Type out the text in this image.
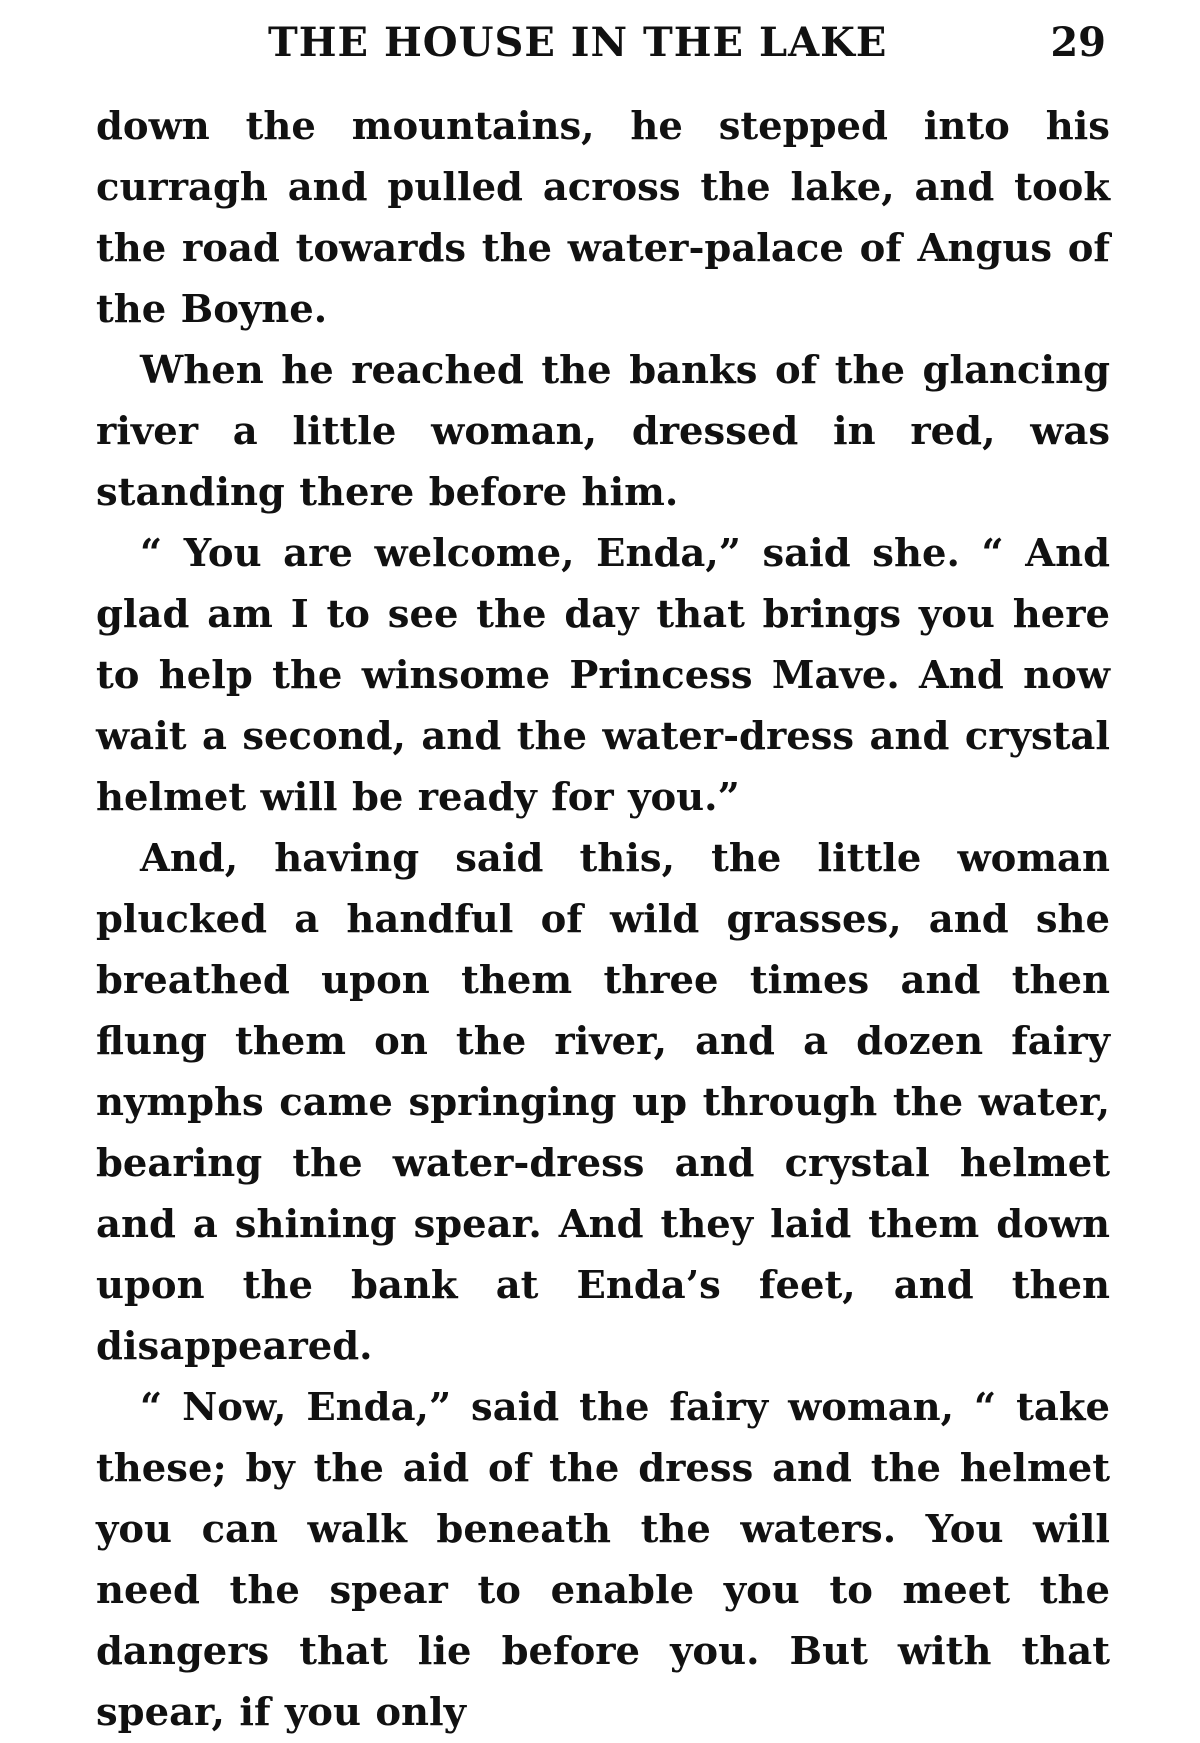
THE HOUSE IN THE LAKE	29

down the mountains, he stepped into his curragh and pulled across the lake, and took the road towards the water-palace of Angus of the Boyne.

When he reached the banks of the glancing river a little woman, dressed in red, was standing there before him.

“ You are welcome, Enda,” said she. “ And glad am I to see the day that brings you here to help the winsome Princess Mave. And now wait a second, and the water-dress and crystal helmet will be ready for you.”

And, having said this, the little woman plucked a handful of wild grasses, and she breathed upon them three times and then flung them on the river, and a dozen fairy nymphs came springing up through the water, bearing the water-dress and crystal helmet and a shining spear. And they laid them down upon the bank at Enda’s feet, and then disappeared.

“ Now, Enda,” said the fairy woman, “ take these; by the aid of the dress and the helmet you can walk beneath the waters. You will need the spear to enable you to meet the dangers that lie before you. But with that spear, if you only
